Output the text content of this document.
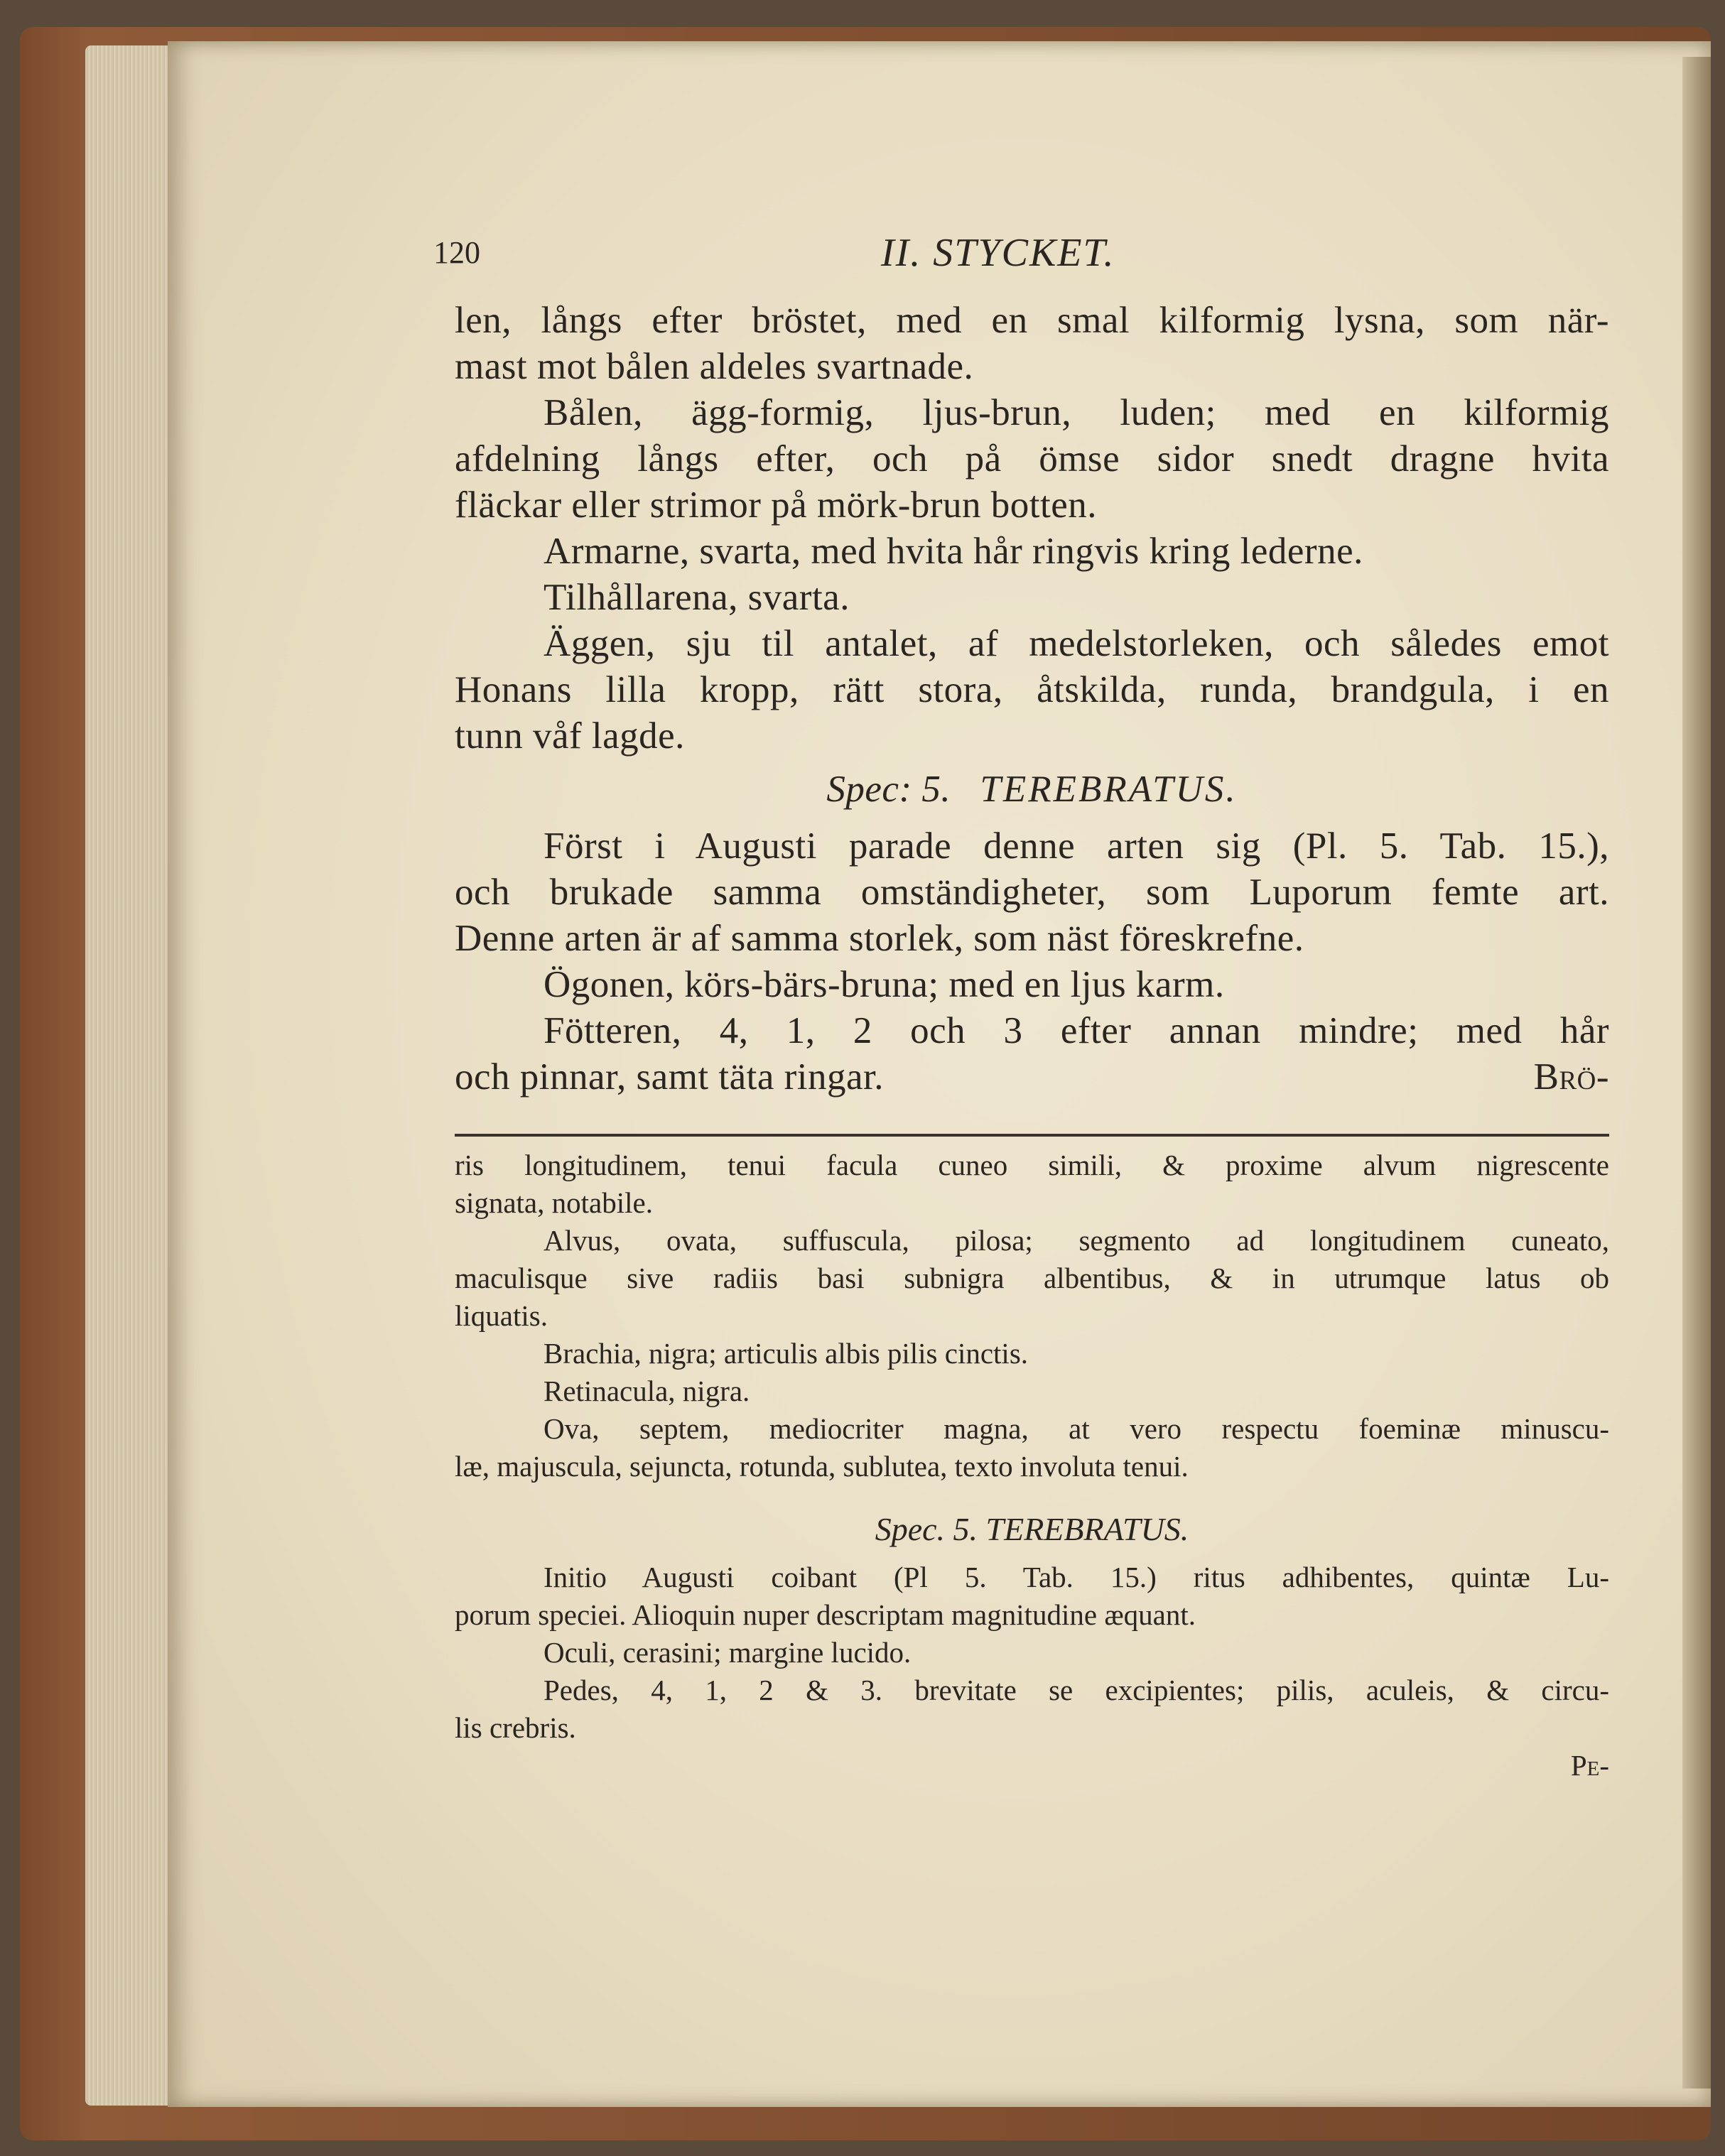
120	II. STYCKET.

len, långs efter bröstet, med en smal kilformig lysna, som när-

mast mot bålen aldeles svartnade.

Bålen, ägg-formig, ljus-brun, luden; med en kilformig

afdelning långs efter, och på ömse sidor snedt dragne hvita

fläckar eller strimor på mörk-brun botten.

Armarne, svarta, med hvita hår ringvis kring lederne.

Tilhållarena, svarta.

Äggen, sju til antalet, af medelstorleken, och således emot

Honans lilla kropp, rätt stora, åtskilda, runda, brandgula, i en

tunn våf lagde.

Spec: 5. TEREBRATUS.

Först i Augusti parade denne arten sig (Pl. 5. Tab. 15.),

och brukade samma omständigheter, som Luporum femte art.

Denne arten är af samma storlek, som näst föreskrefne.

Ögonen, körs-bärs-bruna; med en ljus karm.

Fötteren, 4, 1, 2 och 3 efter annan mindre; med hår

och pinnar, samt täta ringar.	Brö-

ris longitudinem, tenui facula cuneo simili, & proxime alvum nigrescente

signata, notabile.

Alvus, ovata, suffuscula, pilosa; segmento ad longitudinem cuneato,

maculisque sive radiis basi subnigra albentibus, & in utrumque latus ob

liquatis.

Brachia, nigra; articulis albis pilis cinctis.

Retinacula, nigra.

Ova, septem, mediocriter magna, at vero respectu foeminæ minuscu-

læ, majuscula, sejuncta, rotunda, sublutea, texto involuta tenui.

Spec. 5. TEREBRATUS.

Initio Augusti coibant (Pl 5. Tab. 15.) ritus adhibentes, quintæ Lu-

porum speciei. Alioquin nuper descriptam magnitudine æquant.

Oculi, cerasini; margine lucido.

Pedes, 4, 1, 2 & 3. brevitate se excipientes; pilis, aculeis, & circu-

lis crebris.

Pe-
